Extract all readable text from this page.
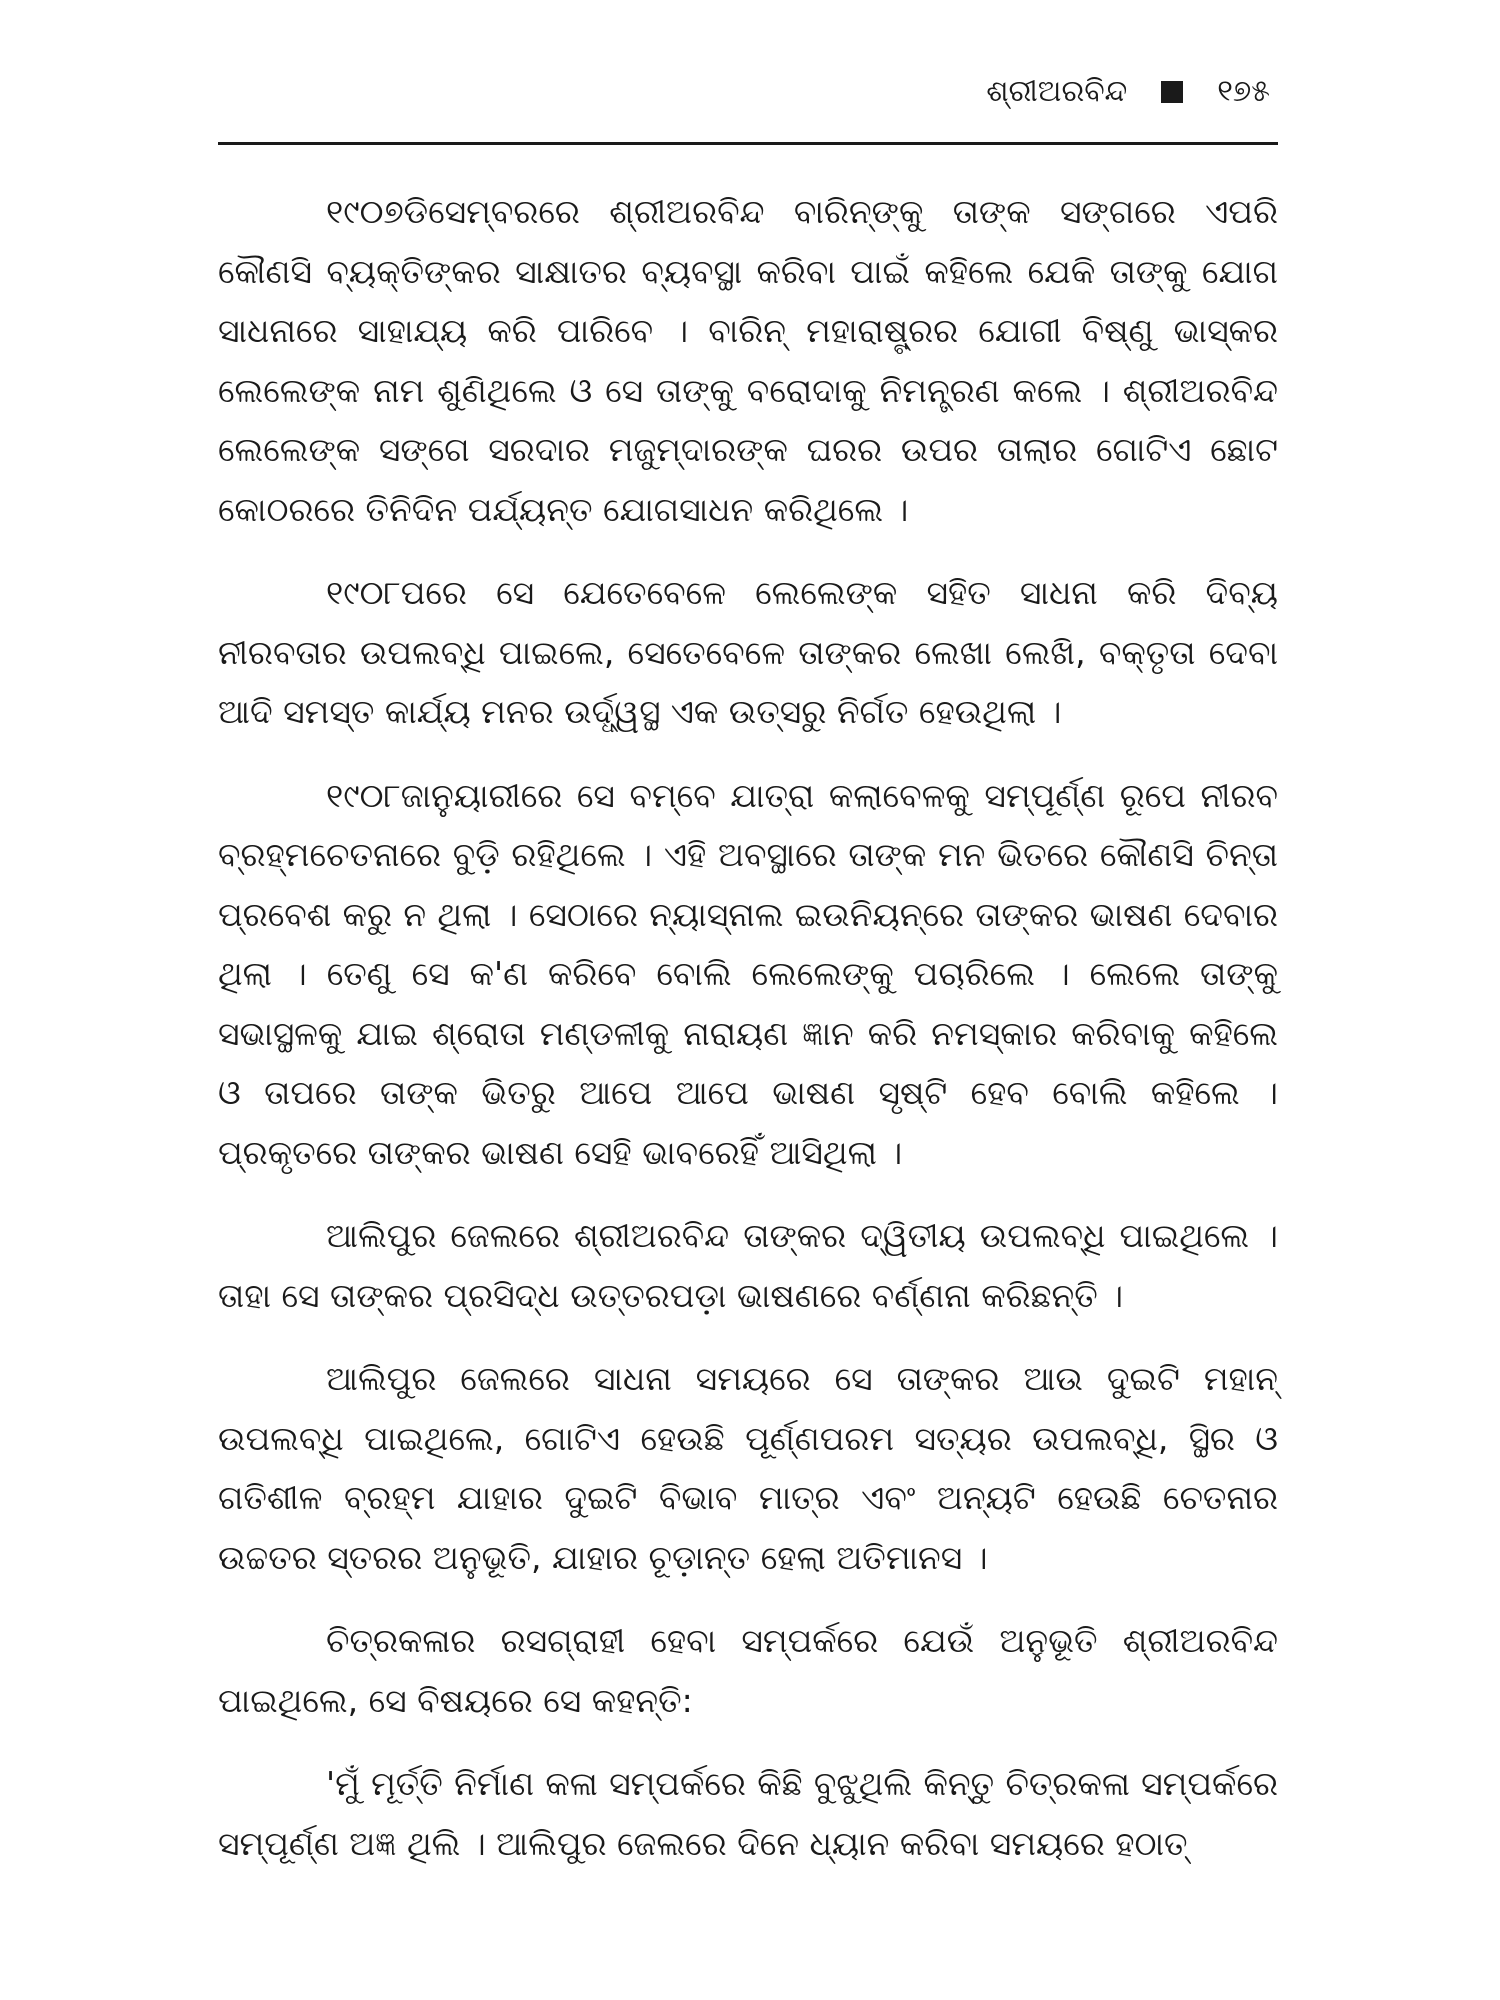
ଶ୍ରୀଅରବିନ୍ଦ	୧୭୫

୧୯୦୭ଡିସେମ୍ବରରେ ଶ୍ରୀଅରବିନ୍ଦ ବାରିନ୍‌ଙ୍କୁ ତାଙ୍କ ସଙ୍ଗରେ ଏପରି କୌଣସି ବ୍ୟକ୍ତିଙ୍କର ସାକ୍ଷାତର ବ୍ୟବସ୍ଥା କରିବା ପାଇଁ କହିଲେ ଯେକି ତାଙ୍କୁ ଯୋଗ ସାଧନାରେ ସାହାଯ୍ୟ କରି ପାରିବେ । ବାରିନ୍ ମହାରାଷ୍ଟ୍ରର ଯୋଗୀ ବିଷ୍ଣୁ ଭାସ୍କର ଲେଲେଙ୍କ ନାମ ଶୁଣିଥିଲେ ଓ ସେ ତାଙ୍କୁ ବରୋଦାକୁ ନିମନ୍ତ୍ରଣ କଲେ । ଶ୍ରୀଅରବିନ୍ଦ ଲେଲେଙ୍କ ସଙ୍ଗେ ସରଦାର ମଜୁମ୍‌ଦାରଙ୍କ ଘରର ଉପର ତାଲାର ଗୋଟିଏ ଛୋଟ କୋଠରରେ ତିନିଦିନ ପର୍ଯ୍ୟନ୍ତ ଯୋଗସାଧନ କରିଥିଲେ ।

୧୯୦୮ପରେ ସେ ଯେତେବେଳେ ଲେଲେଙ୍କ ସହିତ ସାଧନା କରି ଦିବ୍ୟ ନୀରବତାର ଉପଲବ୍ଧି ପାଇଲେ, ସେତେବେଳେ ତାଙ୍କର ଲେଖା ଲେଖି, ବକ୍ତୃତା ଦେବା ଆଦି ସମସ୍ତ କାର୍ଯ୍ୟ ମନର ଉର୍ଦ୍ଧ୍ୱସ୍ଥ ଏକ ଉତ୍ସରୁ ନିର୍ଗତ ହେଉଥିଲା ।

୧୯୦୮ଜାନୁୟାରୀରେ ସେ ବମ୍ବେ ଯାତ୍ରା କଲାବେଳକୁ ସମ୍ପୂର୍ଣ୍ଣ ରୂପେ ନୀରବ ବ୍ରହ୍ମଚେତନାରେ ବୁଡ଼ି ରହିଥିଲେ । ଏହି ଅବସ୍ଥାରେ ତାଙ୍କ ମନ ଭିତରେ କୌଣସି ଚିନ୍ତା ପ୍ରବେଶ କରୁ ନ ଥିଲା । ସେଠାରେ ନ୍ୟାସ୍‌ନାଲ ଇଉନିୟନ୍‌ରେ ତାଙ୍କର ଭାଷଣ ଦେବାର ଥିଲା । ତେଣୁ ସେ କ'ଣ କରିବେ ବୋଲି ଲେଲେଙ୍କୁ ପଚାରିଲେ । ଲେଲେ ତାଙ୍କୁ ସଭାସ୍ଥଳକୁ ଯାଇ ଶ୍ରୋତା ମଣ୍ଡଳୀକୁ ନାରାୟଣ ଜ୍ଞାନ କରି ନମସ୍କାର କରିବାକୁ କହିଲେ ଓ ତାପରେ ତାଙ୍କ ଭିତରୁ ଆପେ ଆପେ ଭାଷଣ ସୃଷ୍ଟି ହେବ ବୋଲି କହିଲେ । ପ୍ରକୃତରେ ତାଙ୍କର ଭାଷଣ ସେହି ଭାବରେହିଁ ଆସିଥିଲା ।

ଆଲିପୁର ଜେଲରେ ଶ୍ରୀଅରବିନ୍ଦ ତାଙ୍କର ଦ୍ୱିତୀୟ ଉପଲବ୍ଧି ପାଇଥିଲେ । ତାହା ସେ ତାଙ୍କର ପ୍ରସିଦ୍ଧ ଉତ୍ତରପଡ଼ା ଭାଷଣରେ ବର୍ଣ୍ଣନା କରିଛନ୍ତି ।

ଆଲିପୁର ଜେଲରେ ସାଧନା ସମୟରେ ସେ ତାଙ୍କର ଆଉ ଦୁଇଟି ମହାନ୍ ଉପଲବ୍ଧି ପାଇଥିଲେ, ଗୋଟିଏ ହେଉଛି ପୂର୍ଣ୍ଣପରମ ସତ୍ୟର ଉପଲବ୍ଧି, ସ୍ଥିର ଓ ଗତିଶୀଳ ବ୍ରହ୍ମ ଯାହାର ଦୁଇଟି ବିଭାବ ମାତ୍ର ଏବଂ ଅନ୍ୟଟି ହେଉଛି ଚେତନାର ଉଚ୍ଚତର ସ୍ତରର ଅନୁଭୂତି, ଯାହାର ଚୂଡ଼ାନ୍ତ ହେଲା ଅତିମାନସ ।

ଚିତ୍ରକଳାର ରସଗ୍ରାହୀ ହେବା ସମ୍ପର୍କରେ ଯେଉଁ ଅନୁଭୂତି ଶ୍ରୀଅରବିନ୍ଦ ପାଇଥିଲେ, ସେ ବିଷୟରେ ସେ କହନ୍ତି:

'ମୁଁ ମୂର୍ତ୍ତି ନିର୍ମାଣ କଳା ସମ୍ପର୍କରେ କିଛି ବୁଝୁଥିଲି କିନ୍ତୁ ଚିତ୍ରକଳା ସମ୍ପର୍କରେ ସମ୍ପୂର୍ଣ୍ଣ ଅଜ୍ଞ ଥିଲି । ଆଲିପୁର ଜେଲରେ ଦିନେ ଧ୍ୟାନ କରିବା ସମୟରେ ହଠାତ୍
